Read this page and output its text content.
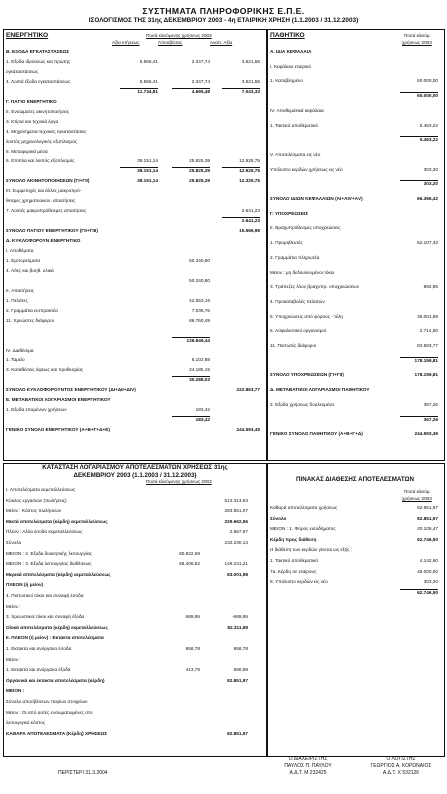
ΣΥΣΤΗΜΑΤΑ ΠΛΗΡΟΦΟΡΙΚΗΣ Ε.Π.Ε.
ΙΣΟΛΟΓΙΣΜΟΣ ΤΗΣ 31ης ΔΕΚΕΜΒΡΙΟΥ 2003 - 4η ΕΤΑΙΡΙΚΗ ΧΡΗΣΗ (1.1.2003 / 31.12.2003)
ΕΝΕΡΓΗΤΙΚΟ	Ποσά κλειόμενης χρήσεως 2003
Αξία κτήσεως	Αποσβέσεις	Αναπ. Αξία
Β. ΕΞΟΔΑ ΕΓΚΑΤΑΣΤΑΣΕΩΣ
1. Εξοδα ιδρύσεως και πρώτης	5.566,41	2.347,74	3.521,65
εγκαταστάσεως
4. Λοιπά έξοδα εγκαταστάσεως	5.566,41	2.347,74	3.521,65
11.734,81	4.695,48	7.043,33
Γ. ΠΑΓΙΟ ΕΝΕΡΓΗΤΙΚΟ
II. Ενσώματες ακινητοποιήσεις
3. Κτίρια και τεχνικά έργα
4. Μηχανήματα-τεχνικές εγκαταστάσεις
λοιπός μηχανολογικός εξοπλισμός
6. Μεταφορικά μέσα
6. Επιπλα και λοιπός εξοπλισμός	38.151,14	25.825,39	12.925,75
38.151,14	25.825,39	12.925,75
ΣΥΝΟΛΟ ΑΚΙΝΗΤΟΠΟΙΗΣΕΩΝ (ΓΙ+ΓΙΙ)	38.151,14	25.825,39	12.325,75
III. Συμμετοχές και άλλες μακροπρό-
θεσμες χρηματοοικον. απαιτήσεις
7. Λοιπές μακροπρόθεσμες απαιτήσεις	2.641,23
2.641,23
ΣΥΝΟΛΟ ΠΑΓΙΟΥ ΕΝΕΡΓΗΤΙΚΟΥ (ΓΙΙ+ΓΙΙΙ)	15.566,98
Δ. ΚΥΚΛΟΦΟΡΟΥΝ ΕΝΕΡΓΗΤΙΚΟ
I. Αποθέματα
1. Εμπορεύματα	50.340,80
4. Α/Ιες και βοηθ. υλικά
50.340,80
II. Απαιτήσεις
1. Πελάτες	42.553,19
2. Γραμμάτια εισπρακτέα	7.036,76
11. Χρεώστες διάφοροι	86.760,49
136.849,44
IV. Διαθέσιμα
1. Ταμείο	6.102,88
3. Καταθέσεις όψεως και προθεσμίας	24.185,15
30.288,03
ΣΥΝΟΛΟ ΚΥΚΛΟΦΟΡΟΥΝΤΟΣ ΕΝΕΡΓΗΤΙΚΟΥ (ΔΙ+ΔΙΙ+ΔΙV)	222.863,77
Ε. ΜΕΤΑΒΑΤΙΚΟΙ ΛΟΓΑΡΙΑΣΜΟΙ ΕΝΕΡΓΗΤΙΚΟΥ
1. Εξοδα επομένων χρήσεων	183,42
183,42
ΓΕΝΙΚΟ ΣΥΝΟΛΟ ΕΝΕΡΓΗΤΙΚΟΥ (Α+Β+Γ+Δ+Ε)	244.593,49
ΠΑΘΗΤΙΚΟ	Ποσά κλειόμ.
χρήσεως 2003
Α. ΙΔΙΑ ΚΕΦΑΛΑΙΑ
I. Κεφάλαιο εταιρικό
1. Καταβλημένο	60.000,00
60.000,00
IV. Αποθεματικά κεφάλαια
1. Τακτικό αποθεματικό	5.463,22
5.463,22
V. Αποτελέσματα εις νέο
Υπόλοιπο κερδών χρήσεως εις νέο	303,20
303,20
ΣΥΝΟΛΟ ΙΔΙΩΝ ΚΕΦΑΛΑΙΩΝ (ΑΙ+ΑΙV+ΑV)	66.366,42
Γ. ΥΠΟΧΡΕΩΣΕΙΣ
II. Βραχυπρόθεσμες υποχρεώσεις
1. Προμηθευτές	52.107,32
2. Γραμμάτια πληρωτέα
Μείον : μη δεδουλευμένοι τόκοι
3. Τράπεζες λ/ων βραχυπρ. υποχρεώσεων	892,95
4. Προκαταβολές πελατών
5. Υποχρεώσεις από φόρους - τέλη	35.001,89
6. Ασφαλιστικοί οργανισμοί	2.714,60
11. Πιστωτές διάφοροι	83.583,77
178.159,81
ΣΥΝΟΛΟ ΥΠΟΧΡΕΩΣΕΩΝ (ΓΙ+ΓΙΙ)	178.159,81
Δ. ΜΕΤΑΒΑΤΙΚΟΙ ΛΟΓΑΡΙΑΣΜΟΙ ΠΑΘΗΤΙΚΟΥ
2. Εξοδα χρήσεως δουλευμένα	367,26
367,26
ΓΕΝΙΚΟ ΣΥΝΟΛΟ ΠΑΘΗΤΙΚΟΥ (Α+Β+Γ+Δ)	244.593,49
ΚΑΤΑΣΤΑΣΗ ΛΟΓΑΡΙΑΣΜΟΥ ΑΠΟΤΕΛΕΣΜΑΤΩΝ ΧΡΗΣΕΩΣ 31ης ΔΕΚΕΜΒΡΙΟΥ 2003 (1.1.2003 / 31.12.2003)
Ποσά κλειόμενης χρήσεως 2003
I. Αποτελέσματα εκμεταλλεύσεως
Κύκλος εργασιών (πωλήσεις)	513.313,63
Μείον : Κόστος πωλήσεων	283.651,07
Μικτά αποτελέσματα (κέρδη) εκμεταλλεύσεως	229.662,56
Πλέον : Αλλα έσοδα εκμεταλλεύσεως	2.567,57
Σύνολο	232.230,13
ΜΕΙΟΝ : 2. Εξοδα διοικητικής λειτουργίας	80.822,69
ΜΕΙΟΝ : 3. Εξοδα λειτουργίας διαθέσεως	68.408,52	149.231,21
Μερικά αποτελέσματα (κέρδη) εκμεταλλεύσεως	83.001,98
ΠΛΕΟΝ (ή μείον)
4. Πιστωτικοί τόκοι και συναφή έσοδα
Μείον :
3. Χρεωστικοί τόκοι και συναφή έξοδα	689,95	-689,95
Ολικά αποτελέσματα (κέρδη) εκμεταλλεύσεως	82.311,98
II. ΠΛΕΟΝ (ή μείον) : Εκτακτα αποτελέσματα
1. Εκτακτα και ανόργανα έσοδα	958,78	958,78
Μείον :
1. Εκτακτα και ανόργανα έξοδα	413,79	596,99
Οργανικά και έκτακτα αποτελέσματα (κέρδη)	82.851,97
ΜΕΙΟΝ :
Σύνολο αποσβέσεων παγίων στοιχείων
Μείον : Οι από αυτές ενσωματωμένες στο
λειτουργικό κόστος
ΚΑΘΑΡΑ ΑΠΟΤΕΛΕΣΜΑΤΑ (Κέρδη) ΧΡΗΣΕΩΣ	82.851,97
ΠΙΝΑΚΑΣ ΔΙΑΘΕΣΗΣ ΑΠΟΤΕΛΕΣΜΑΤΩΝ
Ποσά κλειόμ.
χρήσεως 2003
Καθαρά αποτελέσματα χρήσεως	82.851,97
Σύνολο	82.851,97
ΜΕΙΟΝ : 1. Φόρος εισοδήματος	20.105,47
Κέρδη προς διάθεση	62.746,50
Η διάθεση των κερδών γίνεται ως εξής :
1. Τακτικό αποθεματικό	4.142,60
7α. Κέρδη σε εταίρους	48.000,00
8. Υπόλοιπο κερδών εις νέο	303,20
62.746,50
ΠΕΡΙΣΤΕΡΙ 31.3.2004
Ο ΔΙΑΧΕΙΡΙΣΤΗΣ
ΠΑΥΛΟΣ Π. ΠΑΥΛΟΥ
Α.Δ.Τ. Μ 232425
Ο ΛΟΓΙΣΤΗΣ
ΓΕΩΡΓΙΟΣ Α. ΚΟΡΩΝΑΙΟΣ
Α.Δ.Τ. Χ 532126
